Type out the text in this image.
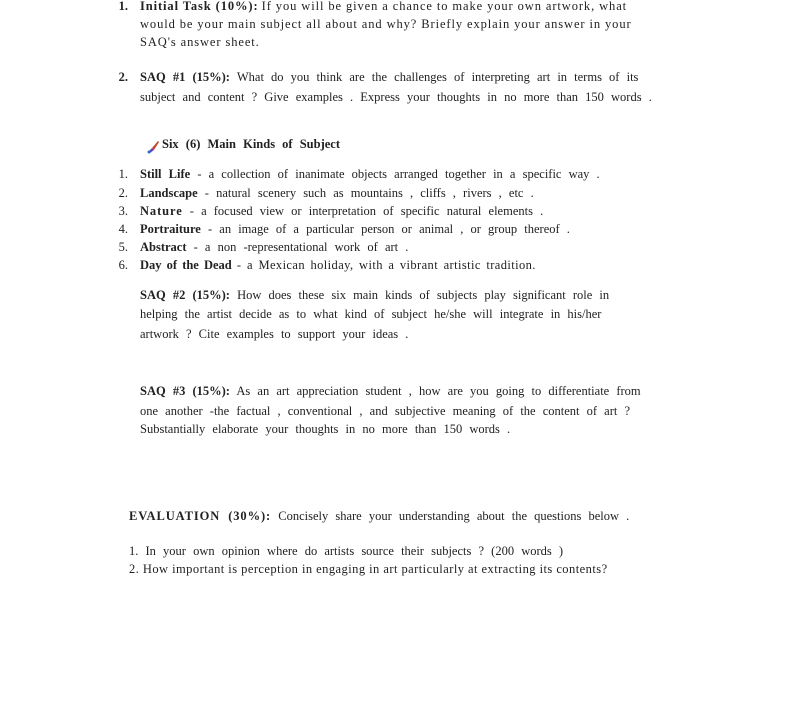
1. Initial Task (10%): If you will be given a chance to make your own artwork, what
would be your main subject all about and why? Briefly explain your answer in your
SAQ's answer sheet.
2. SAQ #1 (15%): What do you think are the challenges of interpreting art in terms of its
subject and content ? Give examples . Express your thoughts in no more than 150 words .
Six (6) Main Kinds of Subject
1. Still Life - a collection of inanimate objects arranged together in a specific way .
2. Landscape - natural scenery such as mountains , cliffs , rivers , etc .
3. Nature - a focused view or interpretation of specific natural elements .
4. Portraiture - an image of a particular person or animal , or group thereof .
5. Abstract - a non -representational work of art .
6. Day of the Dead - a Mexican holiday, with a vibrant artistic tradition.
SAQ #2 (15%): How does these six main kinds of subjects play significant role in
helping the artist decide as to what kind of subject he/she will integrate in his/her
artwork ? Cite examples to support your ideas .
SAQ #3 (15%): As an art appreciation student , how are you going to differentiate from
one another -the factual , conventional , and subjective meaning of the content of art ?
Substantially elaborate your thoughts in no more than 150 words .
EVALUATION (30%): Concisely share your understanding about the questions below .
1. In your own opinion where do artists source their subjects ? (200 words )
2. How important is perception in engaging in art particularly at extracting its contents?
